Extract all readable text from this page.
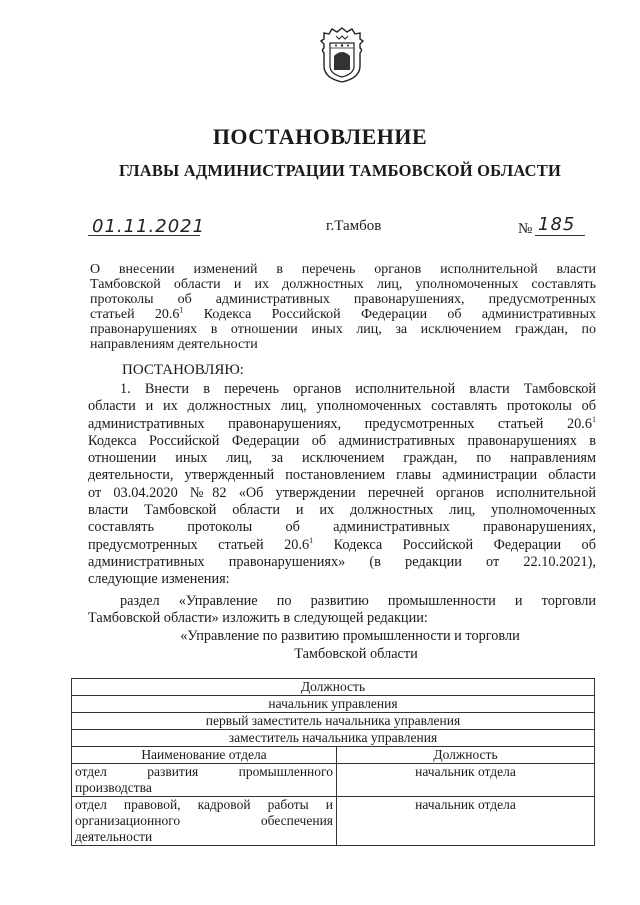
ПОСТАНОВЛЕНИЕ
ГЛАВЫ АДМИНИСТРАЦИИ ТАМБОВСКОЙ ОБЛАСТИ
01.11.2021	г.Тамбов	№ 185
О внесении изменений в перечень органов исполнительной власти
Тамбовской области и их должностных лиц, уполномоченных составлять
протоколы об административных правонарушениях, предусмотренных
статьей 20.6$^1$ Кодекса Российской Федерации об административных
правонарушениях в отношении иных лиц, за исключением граждан, по
направлениям деятельности
ПОСТАНОВЛЯЮ:
1. Внести в перечень органов исполнительной власти Тамбовской
области и их должностных лиц, уполномоченных составлять протоколы об
административных правонарушениях, предусмотренных статьей 20.6$^1$
Кодекса Российской Федерации об административных правонарушениях в
отношении иных лиц, за исключением граждан, по направлениям
деятельности, утвержденный постановлением главы администрации области
от 03.04.2020 №82 «Об утверждении перечней органов исполнительной
власти Тамбовской области и их должностных лиц, уполномоченных
составлять протоколы об административных правонарушениях,
предусмотренных статьей 20.6$^1$ Кодекса Российской Федерации об
административных правонарушениях» (в редакции от 22.10.2021),
следующие изменения:
раздел «Управление по развитию промышленности и торговли
Тамбовской области» изложить в следующей редакции:
«Управление по развитию промышленности и торговли
Тамбовской области
Должность	
начальник управления	
первый заместитель начальника управления	
заместитель начальника управления	
Наименование отдела	Должность

отдел развития промышленного
производства	начальник отдела

отдел правовой, кадровой работы и
организационного обеспечения
деятельности	начальник отдела
